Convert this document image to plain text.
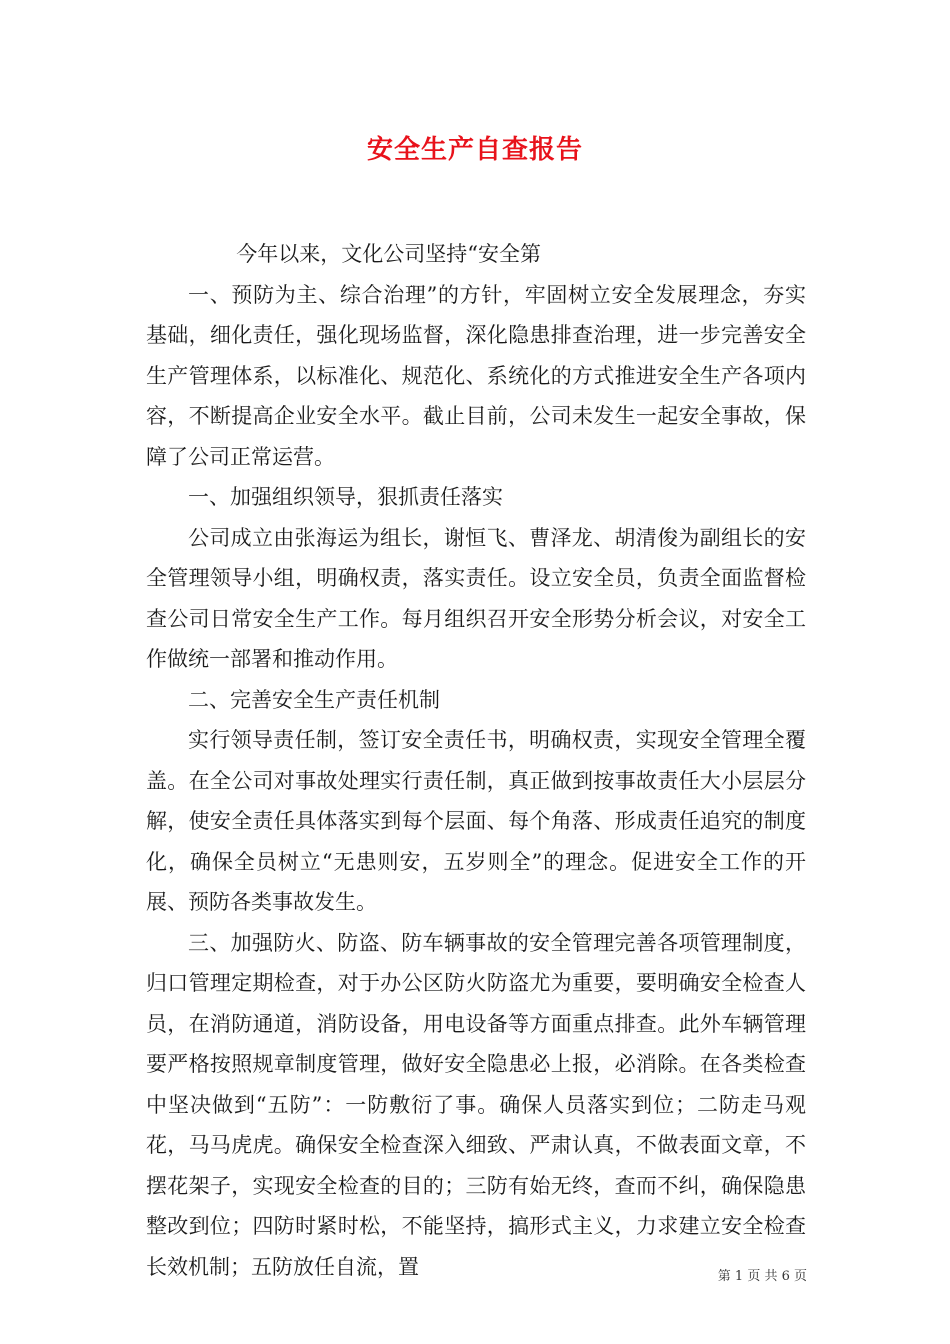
安全生产自查报告

今年以来，文化公司坚持“安全第

一、预防为主、综合治理”的方针，牢固树立安全发展理念，夯实基础，细化责任，强化现场监督，深化隐患排查治理，进一步完善安全生产管理体系，以标准化、规范化、系统化的方式推进安全生产各项内容，不断提高企业安全水平。截止目前，公司未发生一起安全事故，保障了公司正常运营。

一、加强组织领导，狠抓责任落实

公司成立由张海运为组长，谢恒飞、曹泽龙、胡清俊为副组长的安全管理领导小组，明确权责，落实责任。设立安全员，负责全面监督检查公司日常安全生产工作。每月组织召开安全形势分析会议，对安全工作做统一部署和推动作用。

二、完善安全生产责任机制

实行领导责任制，签订安全责任书，明确权责，实现安全管理全覆盖。在全公司对事故处理实行责任制，真正做到按事故责任大小层层分解，使安全责任具体落实到每个层面、每个角落、形成责任追究的制度化，确保全员树立“无患则安，五岁则全”的理念。促进安全工作的开展、预防各类事故发生。

三、加强防火、防盗、防车辆事故的安全管理完善各项管理制度，归口管理定期检查，对于办公区防火防盗尤为重要，要明确安全检查人员，在消防通道，消防设备，用电设备等方面重点排查。此外车辆管理要严格按照规章制度管理，做好安全隐患必上报，必消除。在各类检查中坚决做到“五防”：一防敷衍了事。确保人员落实到位；二防走马观花，马马虎虎。确保安全检查深入细致、严肃认真，不做表面文章，不摆花架子，实现安全检查的目的；三防有始无终，查而不纠，确保隐患整改到位；四防时紧时松，不能坚持，搞形式主义，力求建立安全检查长效机制；五防放任自流，置	第 1 页 共 6 页
